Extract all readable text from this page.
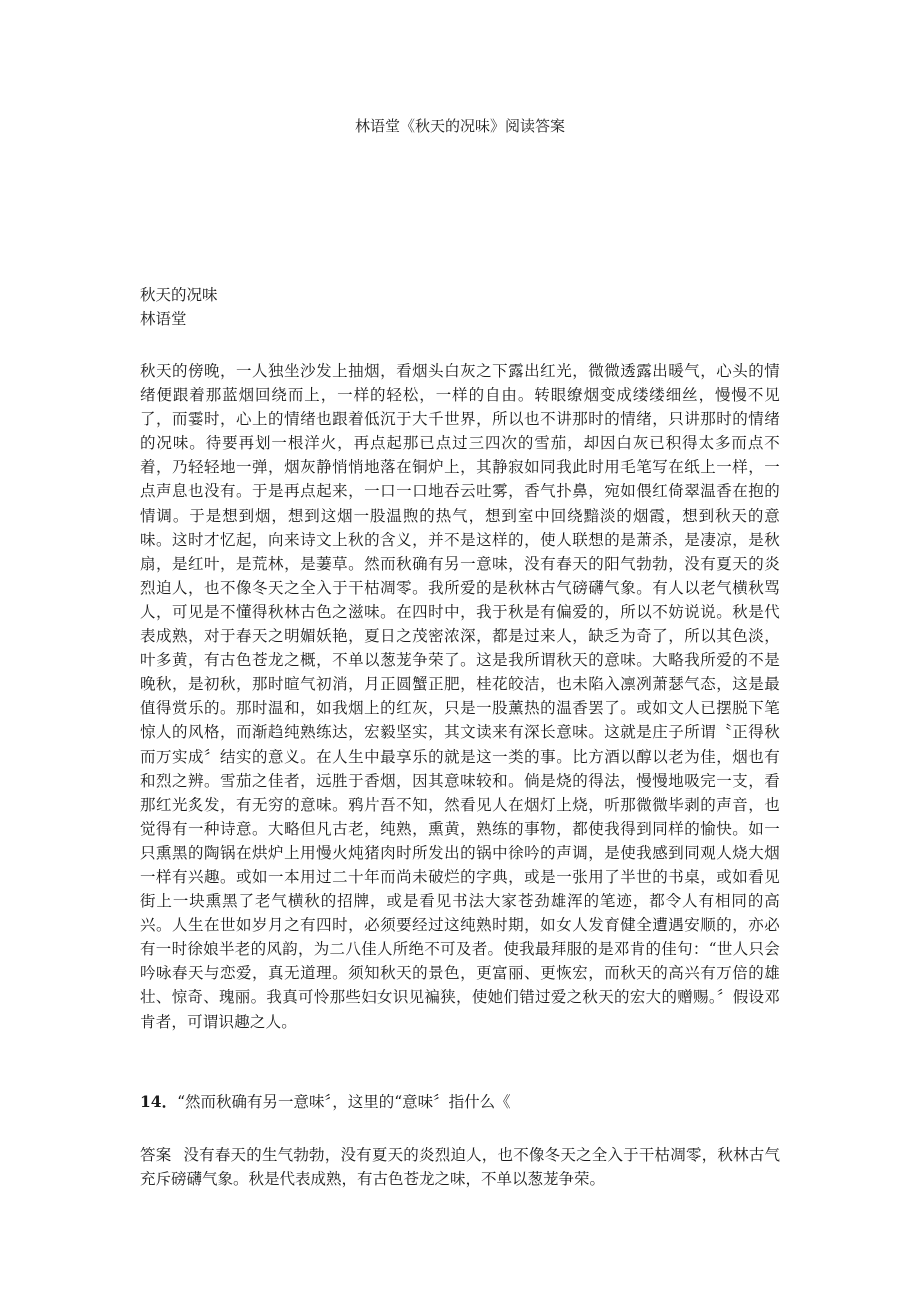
林语堂《秋天的况味》阅读答案
秋天的况味
林语堂

秋天的傍晚，一人独坐沙发上抽烟，看烟头白灰之下露出红光，微微透露出暖气，心头的情绪便跟着那蓝烟回绕而上，一样的轻松，一样的自由。转眼缭烟变成缕缕细丝，慢慢不见了，而霎时，心上的情绪也跟着低沉于大千世界，所以也不讲那时的情绪，只讲那时的情绪的况味。待要再划一根洋火，再点起那已点过三四次的雪茄，却因白灰已积得太多而点不着，乃轻轻地一弹，烟灰静悄悄地落在铜炉上，其静寂如同我此时用毛笔写在纸上一样，一点声息也没有。于是再点起来，一口一口地吞云吐雾，香气扑鼻，宛如偎红倚翠温香在抱的情调。于是想到烟，想到这烟一股温煦的热气，想到室中回绕黯淡的烟霞，想到秋天的意味。这时才忆起，向来诗文上秋的含义，并不是这样的，使人联想的是萧杀，是凄凉，是秋扇，是红叶，是荒林，是萋草。然而秋确有另一意味，没有春天的阳气勃勃，没有夏天的炎烈迫人，也不像冬天之全入于干枯凋零。我所爱的是秋林古气磅礴气象。有人以老气横秋骂人，可见是不懂得秋林古色之滋味。在四时中，我于秋是有偏爱的，所以不妨说说。秋是代表成熟，对于春天之明媚妖艳，夏日之茂密浓深，都是过来人，缺乏为奇了，所以其色淡，叶多黄，有古色苍龙之概，不单以葱茏争荣了。这是我所谓秋天的意味。大略我所爱的不是晚秋，是初秋，那时暄气初消，月正圆蟹正肥，桂花皎洁，也未陷入凛冽萧瑟气态，这是最值得赏乐的。那时温和，如我烟上的红灰，只是一股薰热的温香罢了。或如文人已摆脱下笔惊人的风格，而渐趋纯熟练达，宏毅坚实，其文读来有深长意味。这就是庄子所谓〝正得秋而万实成〞结实的意义。在人生中最享乐的就是这一类的事。比方酒以醇以老为佳，烟也有和烈之辨。雪茄之佳者，远胜于香烟，因其意味较和。倘是烧的得法，慢慢地吸完一支，看那红光炙发，有无穷的意味。鸦片吾不知，然看见人在烟灯上烧，听那微微毕剥的声音，也觉得有一种诗意。大略但凡古老，纯熟，熏黄，熟练的事物，都使我得到同样的愉快。如一只熏黑的陶锅在烘炉上用慢火炖猪肉时所发出的锅中徐吟的声调，是使我感到同观人烧大烟一样有兴趣。或如一本用过二十年而尚未破烂的字典，或是一张用了半世的书桌，或如看见街上一块熏黑了老气横秋的招牌，或是看见书法大家苍劲雄浑的笔迹，都令人有相同的高兴。人生在世如岁月之有四时，必须要经过这纯熟时期，如女人发育健全遭遇安顺的，亦必有一时徐娘半老的风韵，为二八佳人所绝不可及者。使我最拜服的是邓肯的佳句：“世人只会吟咏春天与恋爱，真无道理。须知秋天的景色，更富丽、更恢宏，而秋天的高兴有万倍的雄壮、惊奇、瑰丽。我真可怜那些妇女识见褊狭，使她们错过爱之秋天的宏大的赠赐。〞假设邓肯者，可谓识趣之人。

14．“然而秋确有另一意味〞，这里的“意味〞指什么《

答案 没有春天的生气勃勃，没有夏天的炎烈迫人，也不像冬天之全入于干枯凋零，秋林古气充斥磅礴气象。秋是代表成熟，有古色苍龙之味，不单以葱茏争荣。
